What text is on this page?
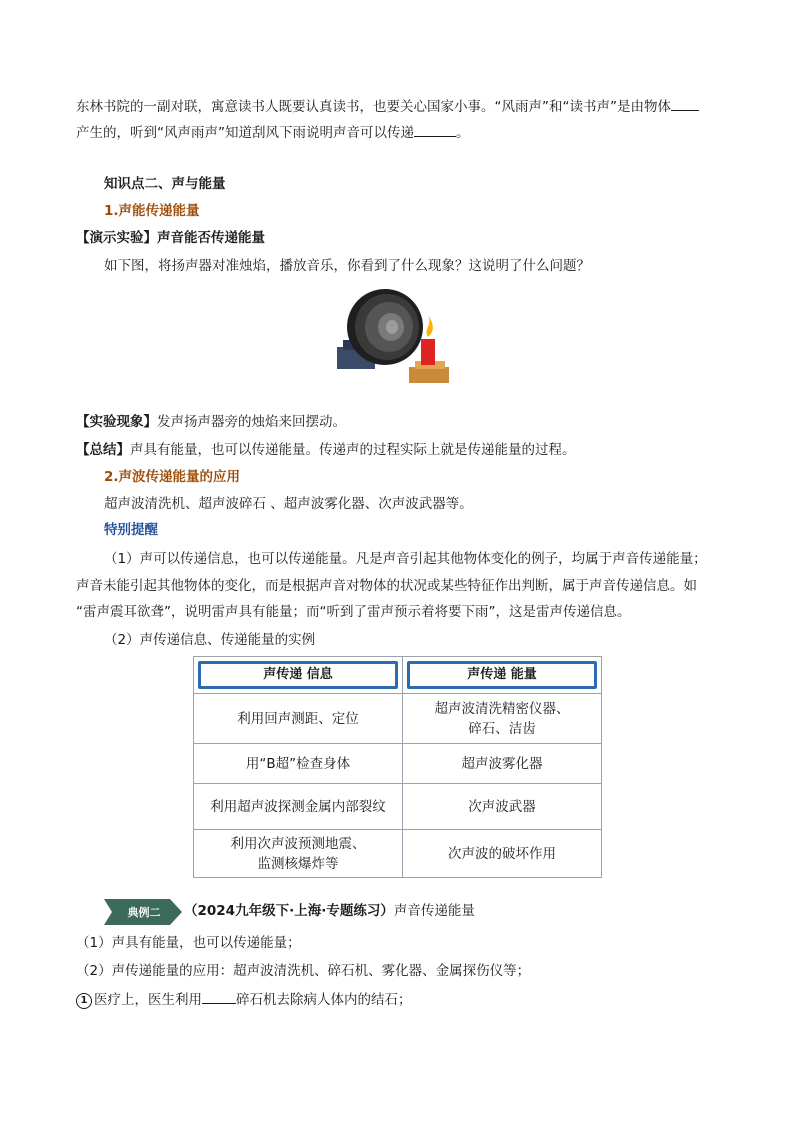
东林书院的一副对联，寓意读书人既要认真读书，也要关心国家小事。“风雨声”和“读书声”是由物体
产生的，听到“风声雨声”知道刮风下雨说明声音可以传递	。
知识点二、声与能量
1.声能传递能量
【演示实验】声音能否传递能量
如下图，将扬声器对准烛焰，播放音乐，你看到了什么现象？这说明了什么问题？
【实验现象】发声扬声器旁的烛焰来回摆动。
【总结】声具有能量，也可以传递能量。传递声的过程实际上就是传递能量的过程。
2.声波传递能量的应用
超声波清洗机、超声波碎石 、超声波雾化器、次声波武器等。
特别提醒
（1）声可以传递信息，也可以传递能量。凡是声音引起其他物体变化的例子，均属于声音传递能量；
声音未能引起其他物体的变化，而是根据声音对物体的状况或某些特征作出判断，属于声音传递信息。如
“雷声震耳欲聋”，说明雷声具有能量；而“听到了雷声预示着将要下雨”，这是雷声传递信息。
（2）声传递信息、传递能量的实例
声传递 信息	声传递 能量

利用回声测距、定位	超声波清洗精密仪器、
碎石、洁齿
用“B超”检查身体	超声波雾化器
利用超声波探测金属内部裂纹	次声波武器
利用次声波预测地震、
监测核爆炸等	次声波的破坏作用
典例二 （2024九年级下·上海·专题练习）声音传递能量
（1）声具有能量，也可以传递能量；
（2）声传递能量的应用：超声波清洗机、碎石机、雾化器、金属探伤仪等；
1 医疗上，医生利用	碎石机去除病人体内的结石；
